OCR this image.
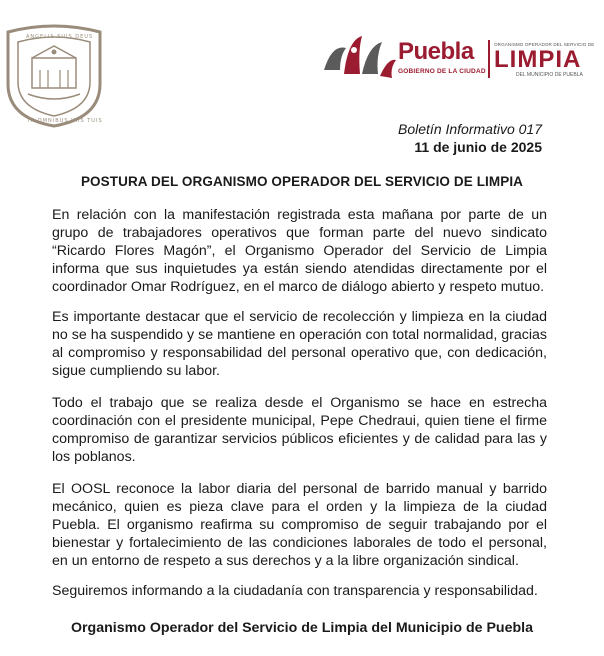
ANGELIS SUIS DEUS
IN OMNIBUS VIIS TUIS
Puebla
GOBIERNO DE LA CIUDAD
ORGANISMO OPERADOR DEL SERVICIO DE
LIMPIA
DEL MUNICIPIO DE PUEBLA
Boletín Informativo 017
11 de junio de 2025
POSTURA DEL ORGANISMO OPERADOR DEL SERVICIO DE LIMPIA

En relación con la manifestación registrada esta mañana por parte de un grupo de trabajadores operativos que forman parte del nuevo sindicato “Ricardo Flores Magón”, el Organismo Operador del Servicio de Limpia informa que sus inquietudes ya están siendo atendidas directamente por el coordinador Omar Rodríguez, en el marco de diálogo abierto y respeto mutuo.

Es importante destacar que el servicio de recolección y limpieza en la ciudad no se ha suspendido y se mantiene en operación con total normalidad, gracias al compromiso y responsabilidad del personal operativo que, con dedicación, sigue cumpliendo su labor.

Todo el trabajo que se realiza desde el Organismo se hace en estrecha coordinación con el presidente municipal, Pepe Chedraui, quien tiene el firme compromiso de garantizar servicios públicos eficientes y de calidad para las y los poblanos.

El OOSL reconoce la labor diaria del personal de barrido manual y barrido mecánico, quien es pieza clave para el orden y la limpieza de la ciudad Puebla. El organismo reafirma su compromiso de seguir trabajando por el bienestar y fortalecimiento de las condiciones laborales de todo el personal, en un entorno de respeto a sus derechos y a la libre organización sindical.

Seguiremos informando a la ciudadanía con transparencia y responsabilidad.

Organismo Operador del Servicio de Limpia del Municipio de Puebla
